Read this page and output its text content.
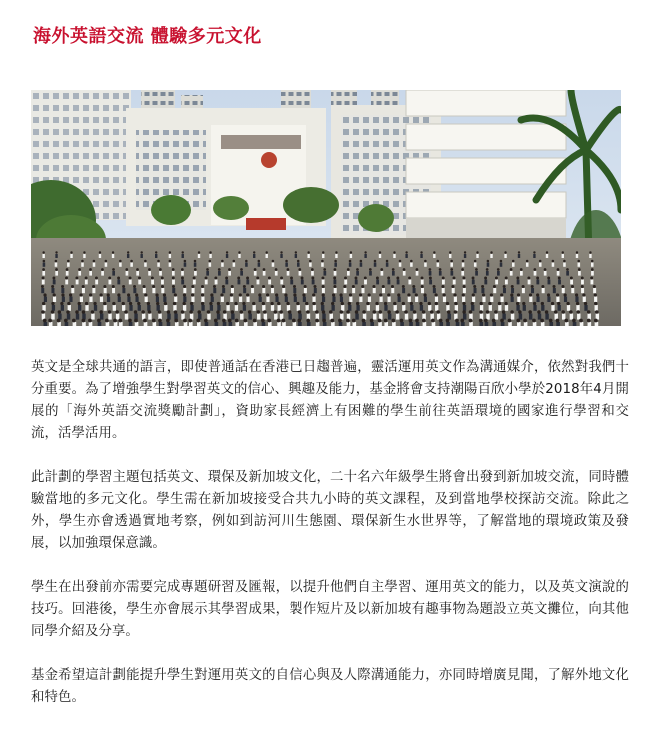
海外英語交流 體驗多元文化

英文是全球共通的語言，即使普通話在香港已日趨普遍，靈活運用英文作為溝通媒介，依然對我們十分重要。為了增強學生對學習英文的信心、興趣及能力，基金將會支持潮陽百欣小學於2018年4月開展的「海外英語交流獎勵計劃」，資助家長經濟上有困難的學生前往英語環境的國家進行學習和交流，活學活用。

此計劃的學習主題包括英文、環保及新加坡文化，二十名六年級學生將會出發到新加坡交流，同時體驗當地的多元文化。學生需在新加坡接受合共九小時的英文課程，及到當地學校探訪交流。除此之外，學生亦會透過實地考察，例如到訪河川生態園、環保新生水世界等，了解當地的環境政策及發展，以加強環保意識。

學生在出發前亦需要完成專題研習及匯報，以提升他們自主學習、運用英文的能力，以及英文演說的技巧。回港後，學生亦會展示其學習成果，製作短片及以新加坡有趣事物為題設立英文攤位，向其他同學介紹及分享。

基金希望這計劃能提升學生對運用英文的自信心與及人際溝通能力，亦同時增廣見聞，了解外地文化和特色。
